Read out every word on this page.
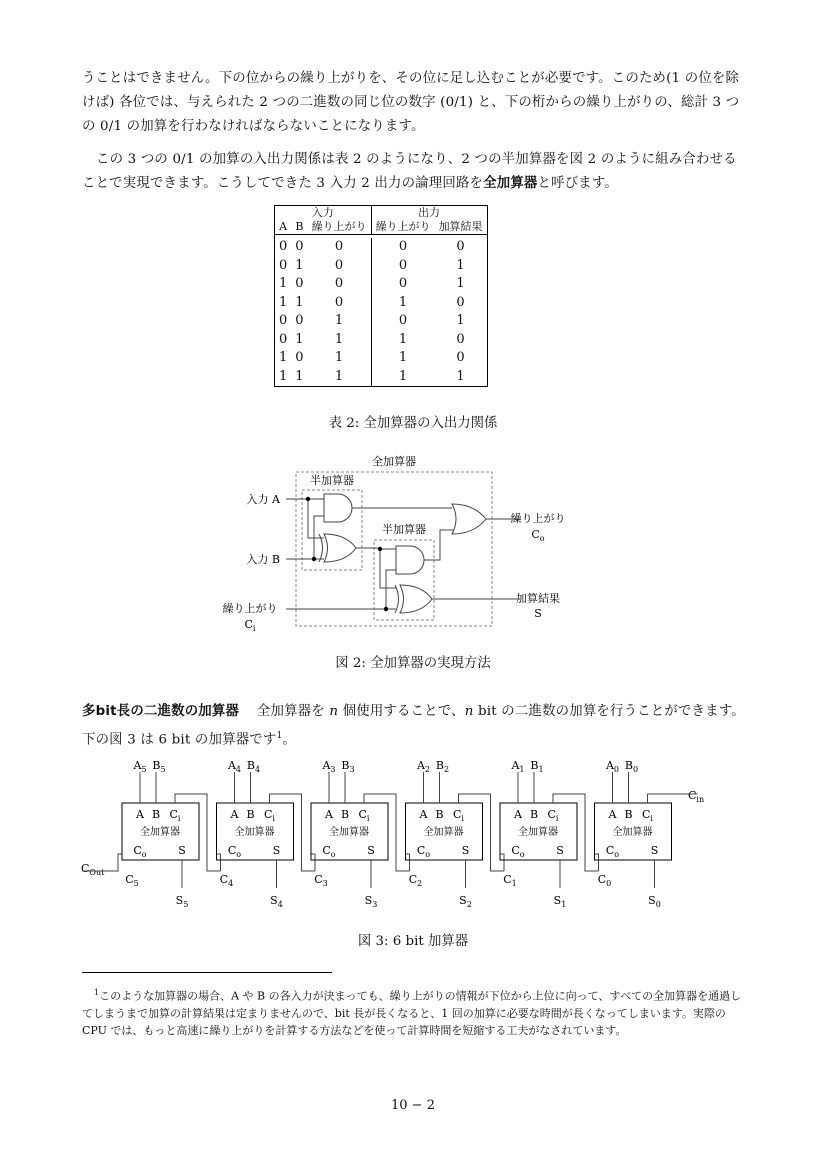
うことはできません。下の位からの繰り上がりを、その位に足し込むことが必要です。このため(1 の位を除けば) 各位では、与えられた 2 つの二進数の同じ位の数字 (0/1) と、下の桁からの繰り上がりの、総計 3 つの 0/1 の加算を行わなければならないことになります。
この 3 つの 0/1 の加算の入出力関係は表 2 のようになり、2 つの半加算器を図 2 のように組み合わせることで実現できます。こうしてできた 3 入力 2 出力の論理回路を全加算器と呼びます。
入力			出力	
A	B	繰り上がり	繰り上がり	加算結果

0	0	0	0	0
0	1	0	0	1
1	0	0	0	1
1	1	0	1	0
0	0	1	0	1
0	1	1	1	0
1	0	1	1	0
1	1	1	1	1

表 2: 全加算器の入出力関係
全加算器
半加算器
半加算器
入力 A
入力 B
繰り上がり
$C_i$
繰り上がり
$C_o$
加算結果
S
図 2: 全加算器の実現方法
多bit長の二進数の加算器 全加算器を n 個使用することで、n bit の二進数の加算を行うことができます。下の図 3 は 6 bit の加算器です$^1$。
$C_{in}$
$C_{Out}$
$A_5$ $B_5$
A B $C_i$
全加算器
$C_o$	S
$S_5$
$C_5$
$A_4$ $B_4$
A B $C_i$
全加算器
$C_o$	S
$S_4$
$C_4$
$A_3$ $B_3$
A B $C_i$
全加算器
$C_o$	S
$S_3$
$C_3$
$A_2$ $B_2$
A B $C_i$
全加算器
$C_o$	S
$S_2$
$C_2$
$A_1$ $B_1$
A B $C_i$
全加算器
$C_o$	S
$S_1$
$C_1$
$A_0$ $B_0$
A B $C_i$
全加算器
$C_o$	S
$S_0$
$C_0$
図 3: 6 bit 加算器
$^1$このような加算器の場合、A や B の各入力が決まっても、繰り上がりの情報が下位から上位に向って、すべての全加算器を通過してしまうまで加算の計算結果は定まりませんので、bit 長が長くなると、1 回の加算に必要な時間が長くなってしまいます。実際の CPU では、もっと高速に繰り上がりを計算する方法などを使って計算時間を短縮する工夫がなされています。
10 − 2
